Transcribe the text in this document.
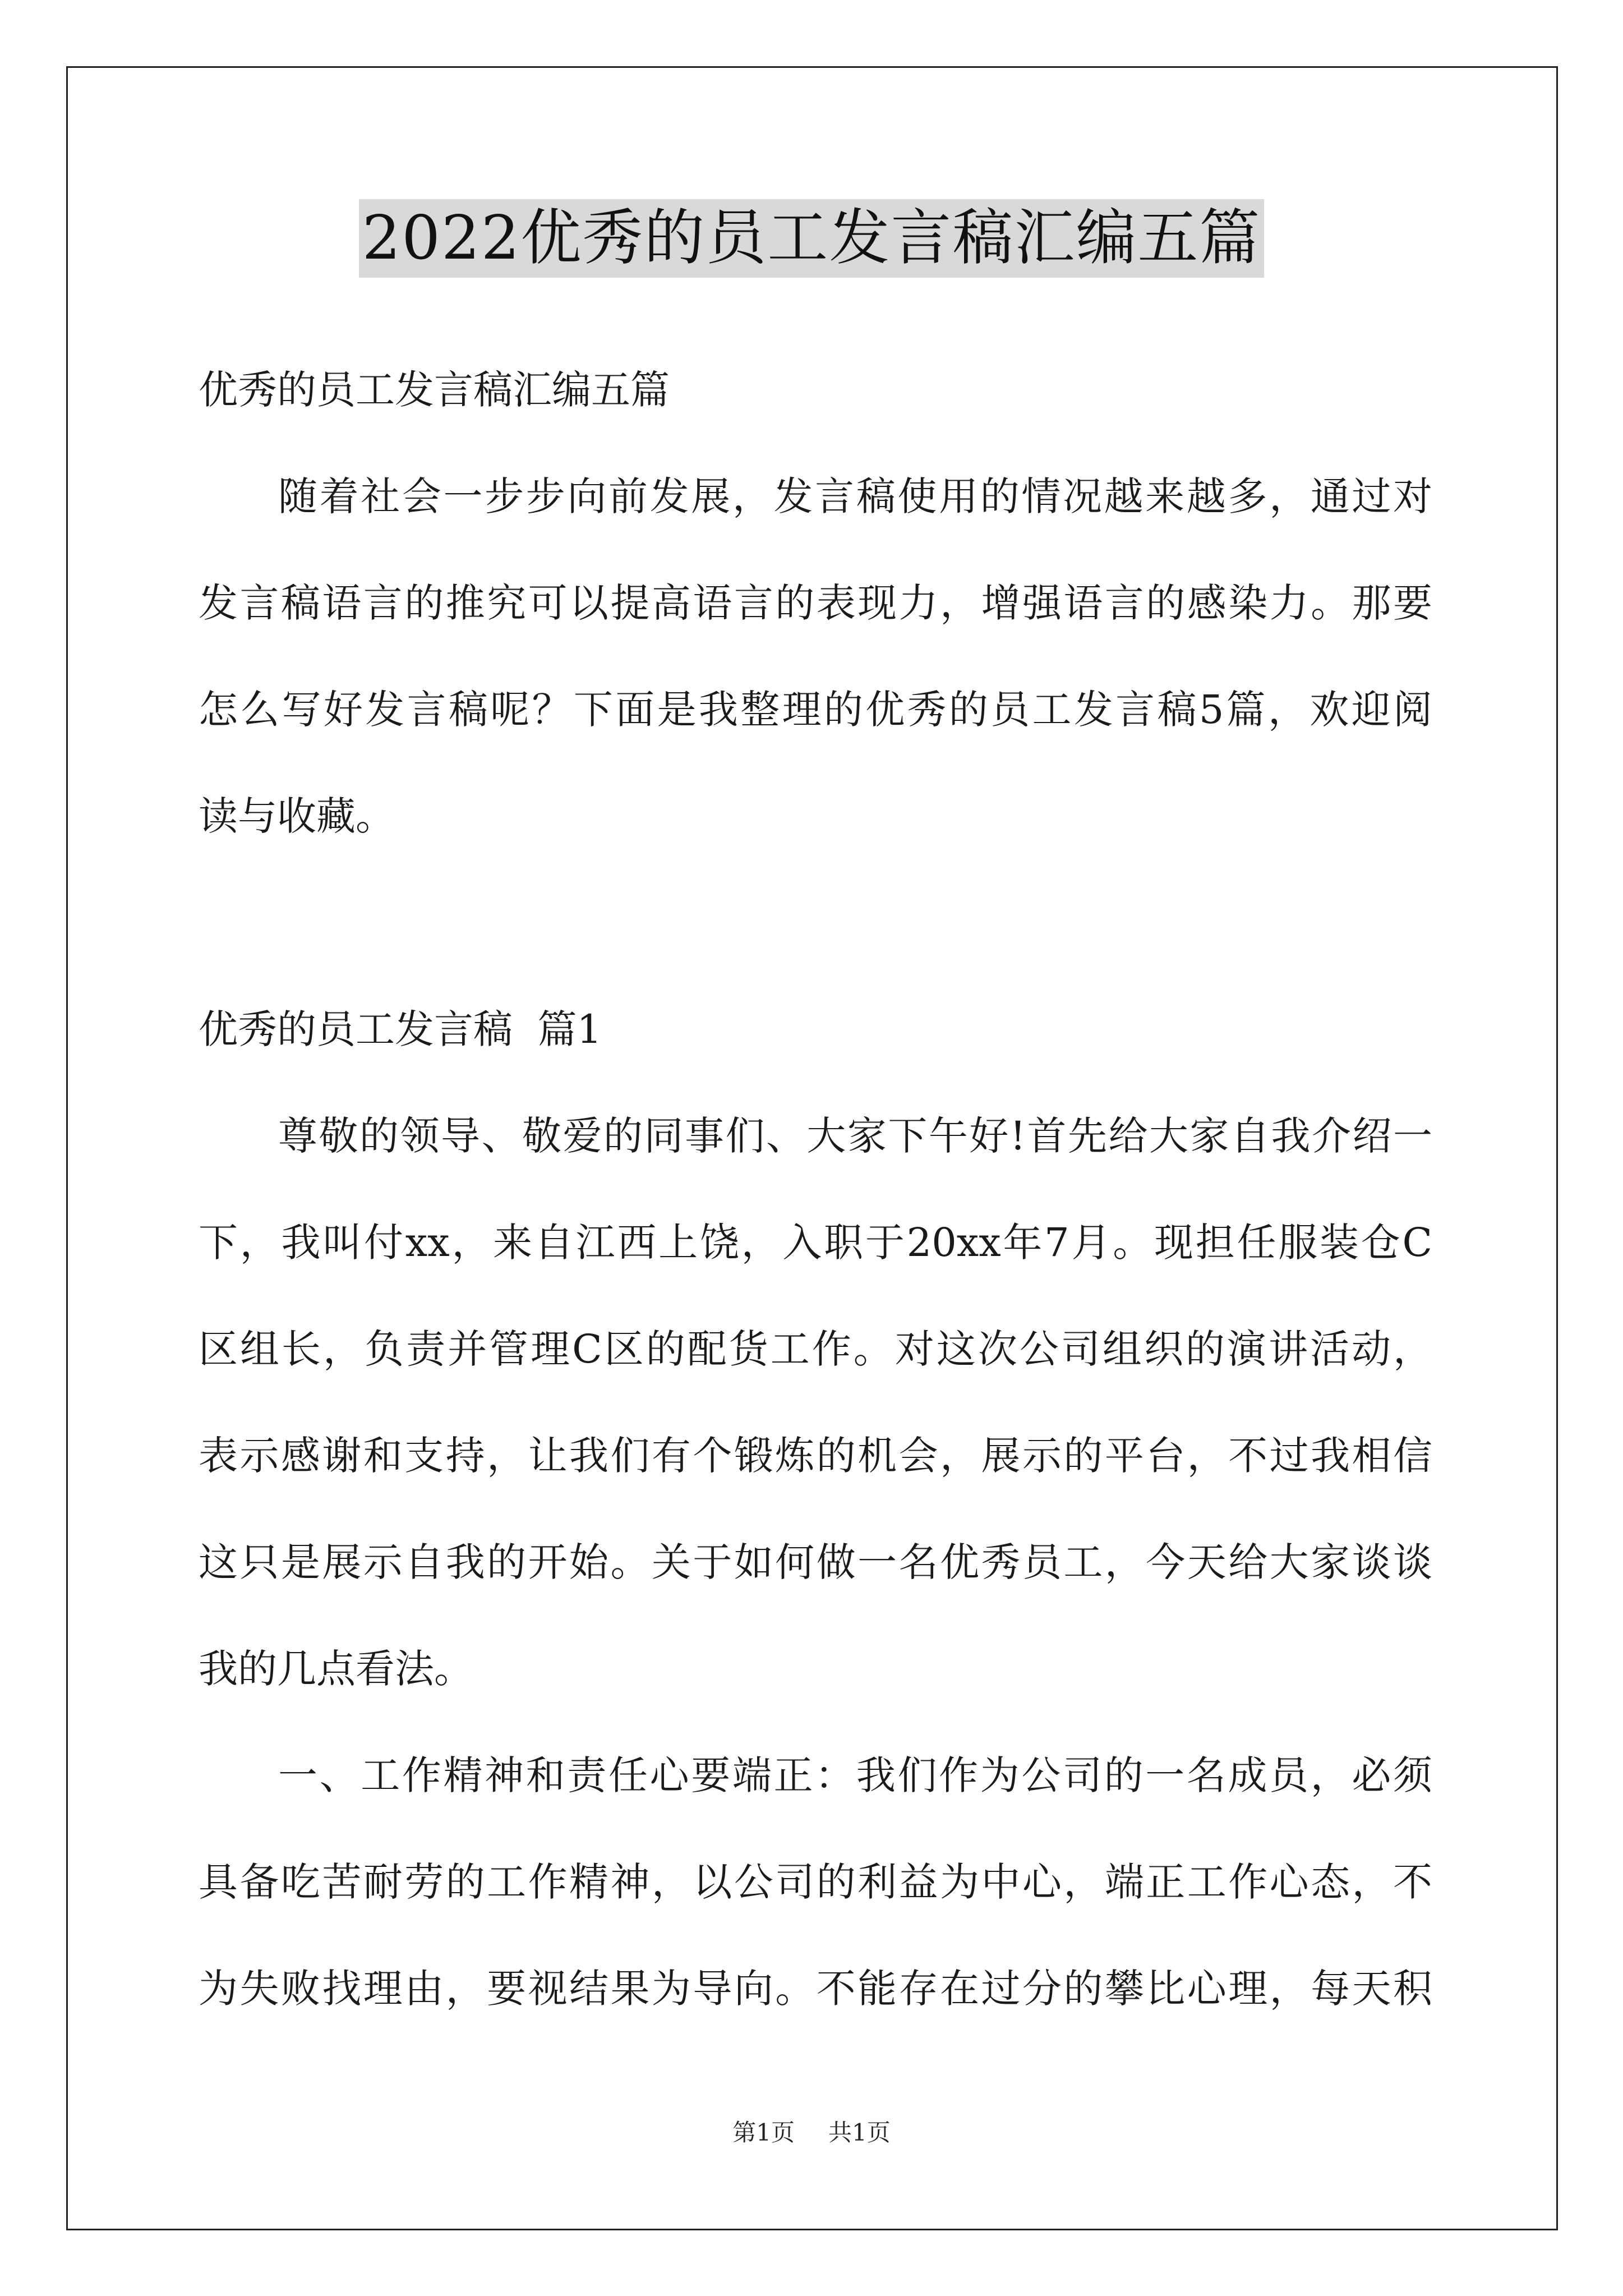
2022优秀的员工发言稿汇编五篇
优秀的员工发言稿汇编五篇
随着社会一步步向前发展，发言稿使用的情况越来越多，通过对
发言稿语言的推究可以提高语言的表现力，增强语言的感染力。那要
怎么写好发言稿呢？下面是我整理的优秀的员工发言稿5篇，欢迎阅
读与收藏。
优秀的员工发言稿  篇1
尊敬的领导、敬爱的同事们、大家下午好!首先给大家自我介绍一
下，我叫付xx，来自江西上饶，入职于20xx年7月。现担任服装仓C
区组长，负责并管理C区的配货工作。对这次公司组织的演讲活动，
表示感谢和支持，让我们有个锻炼的机会，展示的平台，不过我相信
这只是展示自我的开始。关于如何做一名优秀员工，今天给大家谈谈
我的几点看法。
一、工作精神和责任心要端正：我们作为公司的一名成员，必须
具备吃苦耐劳的工作精神，以公司的利益为中心，端正工作心态，不
为失败找理由，要视结果为导向。不能存在过分的攀比心理，每天积
第1页 共1页
